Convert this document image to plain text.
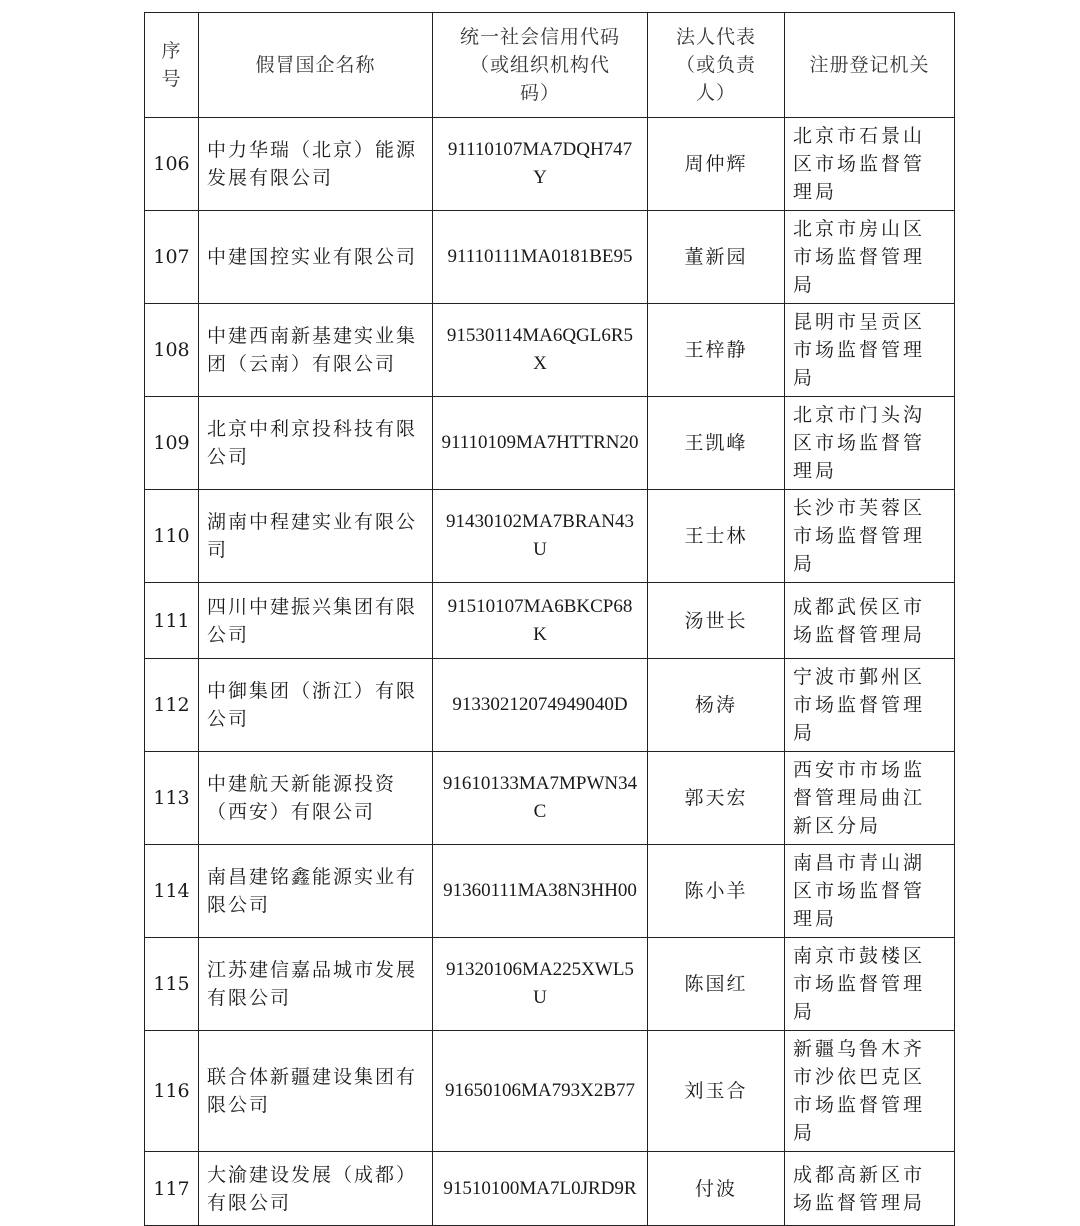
序号	假冒国企名称	统一社会信用代码（或组织机构代码）	法人代表（或负责人）	注册登记机关
106	中力华瑞（北京）能源发展有限公司	91110107MA7DQH747Y	周仲辉	北京市石景山区市场监督管理局
107	中建国控实业有限公司	91110111MA0181BE95	董新园	北京市房山区市场监督管理局
108	中建西南新基建实业集团（云南）有限公司	91530114MA6QGL6R5X	王梓静	昆明市呈贡区市场监督管理局
109	北京中利京投科技有限公司	91110109MA7HTTRN20	王凯峰	北京市门头沟区市场监督管理局
110	湖南中程建实业有限公司	91430102MA7BRAN43U	王士林	长沙市芙蓉区市场监督管理局
111	四川中建振兴集团有限公司	91510107MA6BKCP68K	汤世长	成都武侯区市场监督管理局
112	中御集团（浙江）有限公司	91330212074949040D	杨涛	宁波市鄞州区市场监督管理局
113	中建航天新能源投资（西安）有限公司	91610133MA7MPWN34C	郭天宏	西安市市场监督管理局曲江新区分局
114	南昌建铭鑫能源实业有限公司	91360111MA38N3HH00	陈小羊	南昌市青山湖区市场监督管理局
115	江苏建信嘉品城市发展有限公司	91320106MA225XWL5U	陈国红	南京市鼓楼区市场监督管理局
116	联合体新疆建设集团有限公司	91650106MA793X2B77	刘玉合	新疆乌鲁木齐市沙依巴克区市场监督管理局
117	大渝建设发展（成都）有限公司	91510100MA7L0JRD9R	付波	成都高新区市场监督管理局
